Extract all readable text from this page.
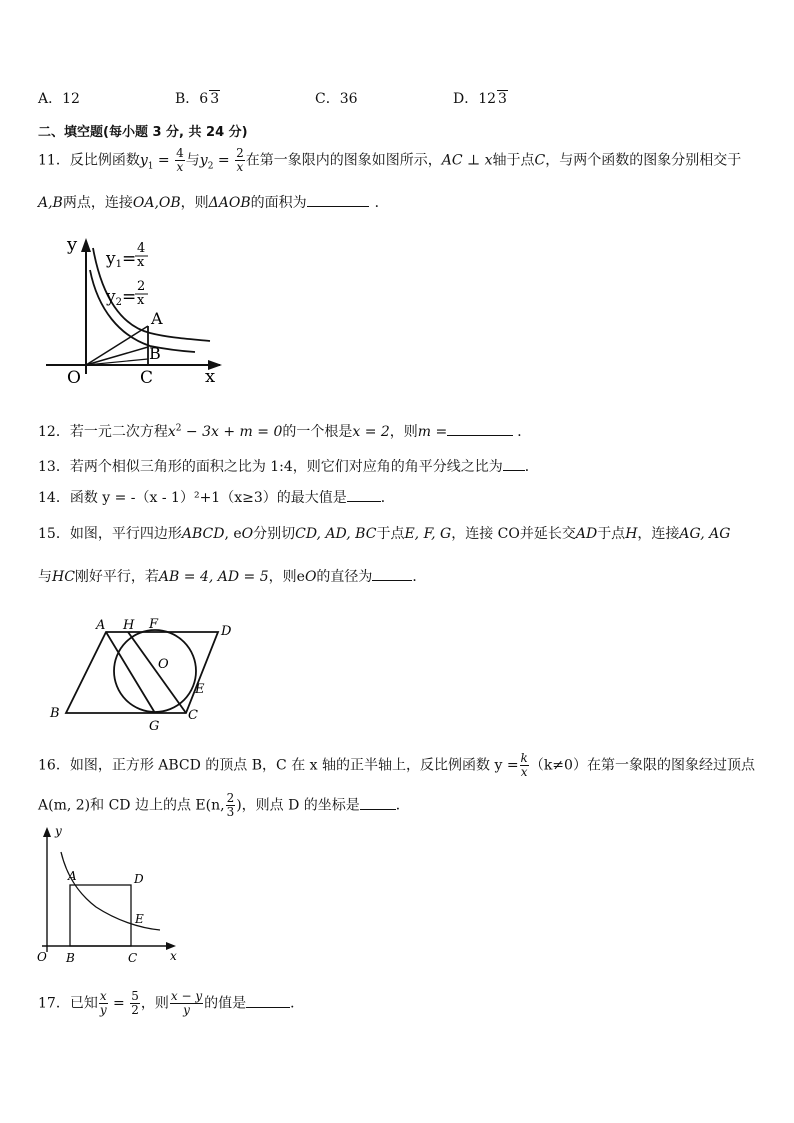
A．12	B．6 3	C．36	D．12 3
二、填空题(每小题 3 分, 共 24 分)
11．反比例函数$y_1 = \frac{4}{x}$ 与$y_2 = \frac{2}{x}$ 在第一象限内的图象如图所示，AC ⊥ x轴于点C，与两个函数的图象分别相交于
A,B两点，连接OA,OB，则ΔAOB的面积为	．
y
x
O
A
B
C
y1=
4
x
y2=
2
x
12．若一元二次方程$x^2 - 3x + m = 0$的一个根是x = 2，则m =	．
13．若两个相似三角形的面积之比为 1:4，则它们对应角的角平分线之比为 ．
14．函数 y = -（x - 1）²+1（x≥3）的最大值是 ．
15．如图，平行四边形ABCD, eO分别切CD, AD, BC于点E, F, G，连接 CO并延长交AD于点H，连接AG, AG
与HC刚好平行，若AB = 4, AD = 5，则eO的直径为	．
A H F	D
O
E
B
G
C
16．如图，正方形 ABCD 的顶点 B，C 在 x 轴的正半轴上，反比例函数 $y = \frac{k}{x} (k\ne 0)$在第一象限的图象经过顶点
A(m, 2)和 CD 边上的点 E(n, $\frac{2}{3}$ )，则点 D 的坐标是	．
y
x
O
A
B	C
D
E
17．已知 $\frac{x}{y} = \frac{5}{2}$ ，则 $\frac{x - y}{y}$ 的值是	．
